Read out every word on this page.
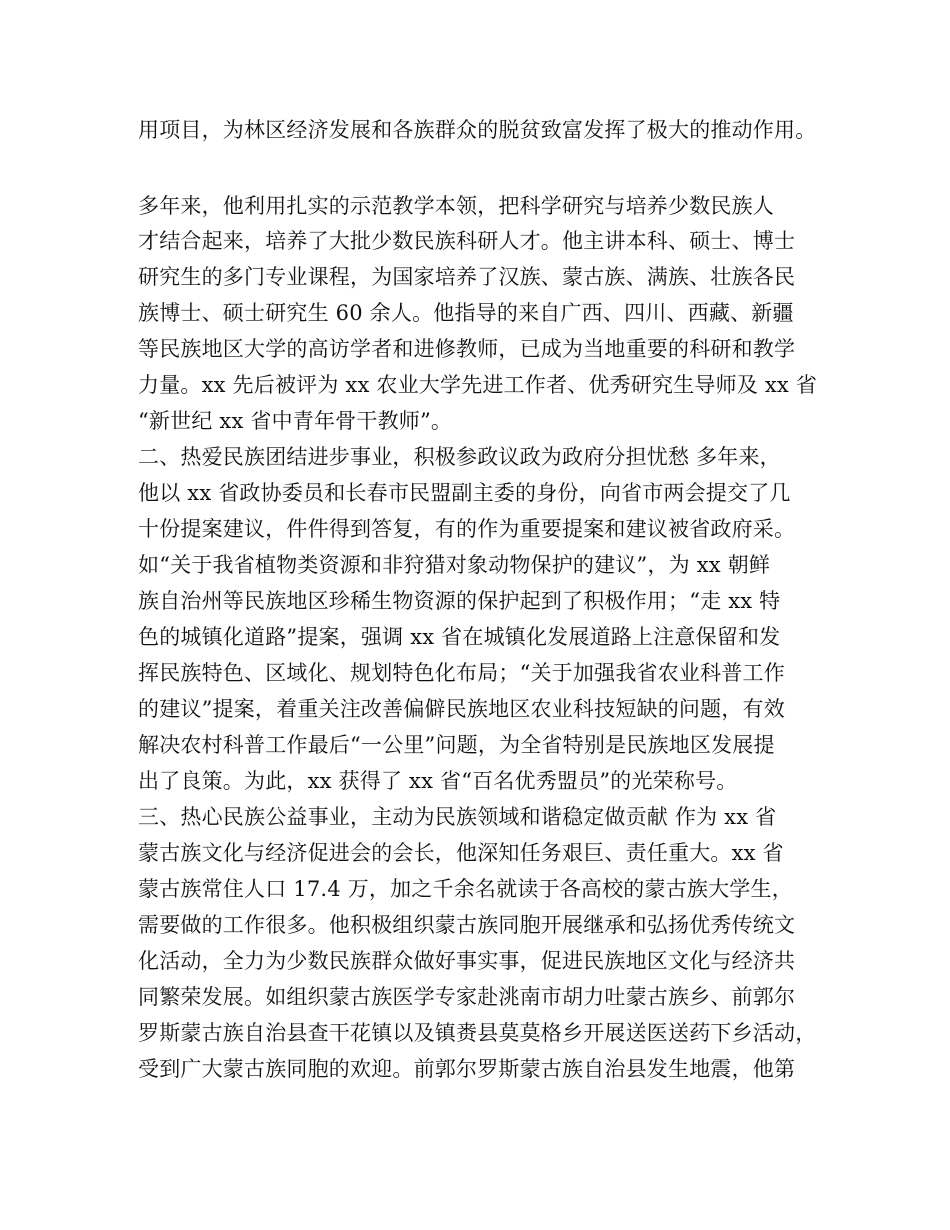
用项目，为林区经济发展和各族群众的脱贫致富发挥了极大的推动作用。
多年来，他利用扎实的示范教学本领，把科学研究与培养少数民族人
才结合起来，培养了大批少数民族科研人才。他主讲本科、硕士、博士
研究生的多门专业课程，为国家培养了汉族、蒙古族、满族、壮族各民
族博士、硕士研究生 60 余人。他指导的来自广西、四川、西藏、新疆
等民族地区大学的高访学者和进修教师，已成为当地重要的科研和教学
力量。xx 先后被评为 xx 农业大学先进工作者、优秀研究生导师及 xx 省
“新世纪 xx 省中青年骨干教师”。
二、热爱民族团结进步事业，积极参政议政为政府分担忧愁 多年来，
他以 xx 省政协委员和长春市民盟副主委的身份，向省市两会提交了几
十份提案建议，件件得到答复，有的作为重要提案和建议被省政府采。
如“关于我省植物类资源和非狩猎对象动物保护的建议”，为 xx 朝鲜
族自治州等民族地区珍稀生物资源的保护起到了积极作用；“走 xx 特
色的城镇化道路”提案，强调 xx 省在城镇化发展道路上注意保留和发
挥民族特色、区域化、规划特色化布局；“关于加强我省农业科普工作
的建议”提案，着重关注改善偏僻民族地区农业科技短缺的问题，有效
解决农村科普工作最后“一公里”问题，为全省特别是民族地区发展提
出了良策。为此，xx 获得了 xx 省“百名优秀盟员”的光荣称号。
三、热心民族公益事业，主动为民族领域和谐稳定做贡献 作为 xx 省
蒙古族文化与经济促进会的会长，他深知任务艰巨、责任重大。xx 省
蒙古族常住人口 17.4 万，加之千余名就读于各高校的蒙古族大学生，
需要做的工作很多。他积极组织蒙古族同胞开展继承和弘扬优秀传统文
化活动，全力为少数民族群众做好事实事，促进民族地区文化与经济共
同繁荣发展。如组织蒙古族医学专家赴洮南市胡力吐蒙古族乡、前郭尔
罗斯蒙古族自治县查干花镇以及镇赉县莫莫格乡开展送医送药下乡活动，
受到广大蒙古族同胞的欢迎。前郭尔罗斯蒙古族自治县发生地震，他第
